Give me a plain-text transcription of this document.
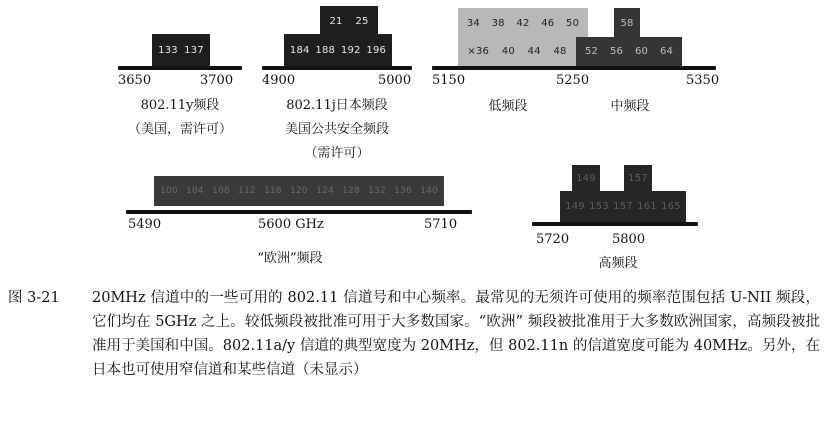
133 137
3650	3700
802.11y频段
（美国，需许可）
21 25
184 188 192 196
4900	5000
802.11j日本频段
美国公共安全频段
（需许可）
34 38 42 46 50
×36 40 44 48
58
52 56 60 64
5150	5250	5350
低频段	中频段
100 104 108 112 116 120 124 128 132 136 140
5490	5600 GHz	5710
“欧洲”频段
149	157
149 153 157 161 165
5720	5800
高频段
图 3-21 20MHz 信道中的一些可用的 802.11 信道号和中心频率。最常见的无须许可使用的频率范围包括 U-NII 频段，它们均在 5GHz 之上。较低频段被批准可用于大多数国家。“欧洲” 频段被批准用于大多数欧洲国家，高频段被批准用于美国和中国。802.11a/y 信道的典型宽度为 20MHz，但 802.11n 的信道宽度可能为 40MHz。另外，在日本也可使用窄信道和某些信道（未显示）
